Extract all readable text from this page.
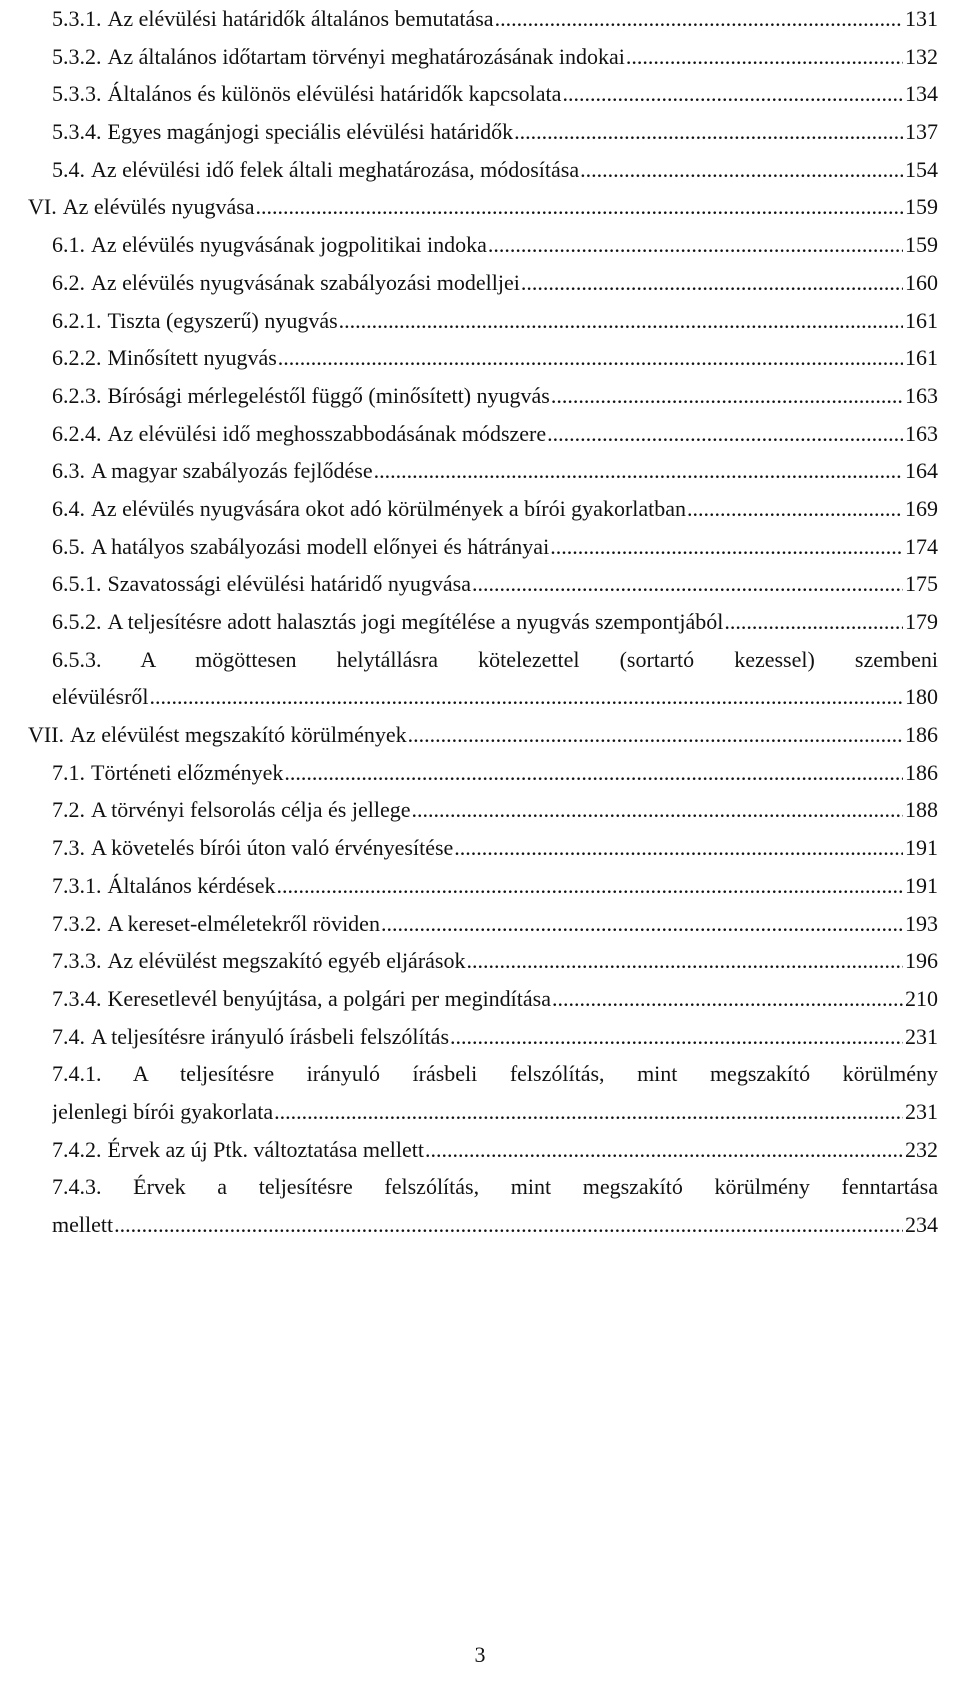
5.3.1. Az elévülési határidők általános bemutatása .....	131
5.3.2. Az általános időtartam törvényi meghatározásának indokai .....	132
5.3.3. Általános és különös elévülési határidők kapcsolata .....	134
5.3.4. Egyes magánjogi speciális elévülési határidők .....	137
5.4. Az elévülési idő felek általi meghatározása, módosítása .....	154
VI. Az elévülés nyugvása .....	159
6.1. Az elévülés nyugvásának jogpolitikai indoka .....	159
6.2. Az elévülés nyugvásának szabályozási modelljei .....	160
6.2.1. Tiszta (egyszerű) nyugvás .....	161
6.2.2. Minősített nyugvás .....	161
6.2.3. Bírósági mérlegeléstől függő (minősített) nyugvás .....	163
6.2.4. Az elévülési idő meghosszabbodásának módszere .....	163
6.3. A magyar szabályozás fejlődése .....	164
6.4. Az elévülés nyugvására okot adó körülmények a bírói gyakorlatban .....	169
6.5. A hatályos szabályozási modell előnyei és hátrányai .....	174
6.5.1. Szavatossági elévülési határidő nyugvása .....	175
6.5.2. A teljesítésre adott halasztás jogi megítélése a nyugvás szempontjából .....	179
6.5.3. A mögöttesen helytállásra kötelezettel (sortartó kezessel) szembeni
elévülésről .....	180
VII. Az elévülést megszakító körülmények .....	186
7.1. Történeti előzmények .....	186
7.2. A törvényi felsorolás célja és jellege .....	188
7.3. A követelés bírói úton való érvényesítése .....	191
7.3.1. Általános kérdések .....	191
7.3.2. A kereset-elméletekről röviden .....	193
7.3.3. Az elévülést megszakító egyéb eljárások .....	196
7.3.4. Keresetlevél benyújtása, a polgári per megindítása .....	210
7.4. A teljesítésre irányuló írásbeli felszólítás .....	231
7.4.1. A teljesítésre irányuló írásbeli felszólítás, mint megszakító körülmény
jelenlegi bírói gyakorlata .....	231
7.4.2. Érvek az új Ptk. változtatása mellett .....	232
7.4.3. Érvek a teljesítésre felszólítás, mint megszakító körülmény fenntartása
mellett .....	234
3
